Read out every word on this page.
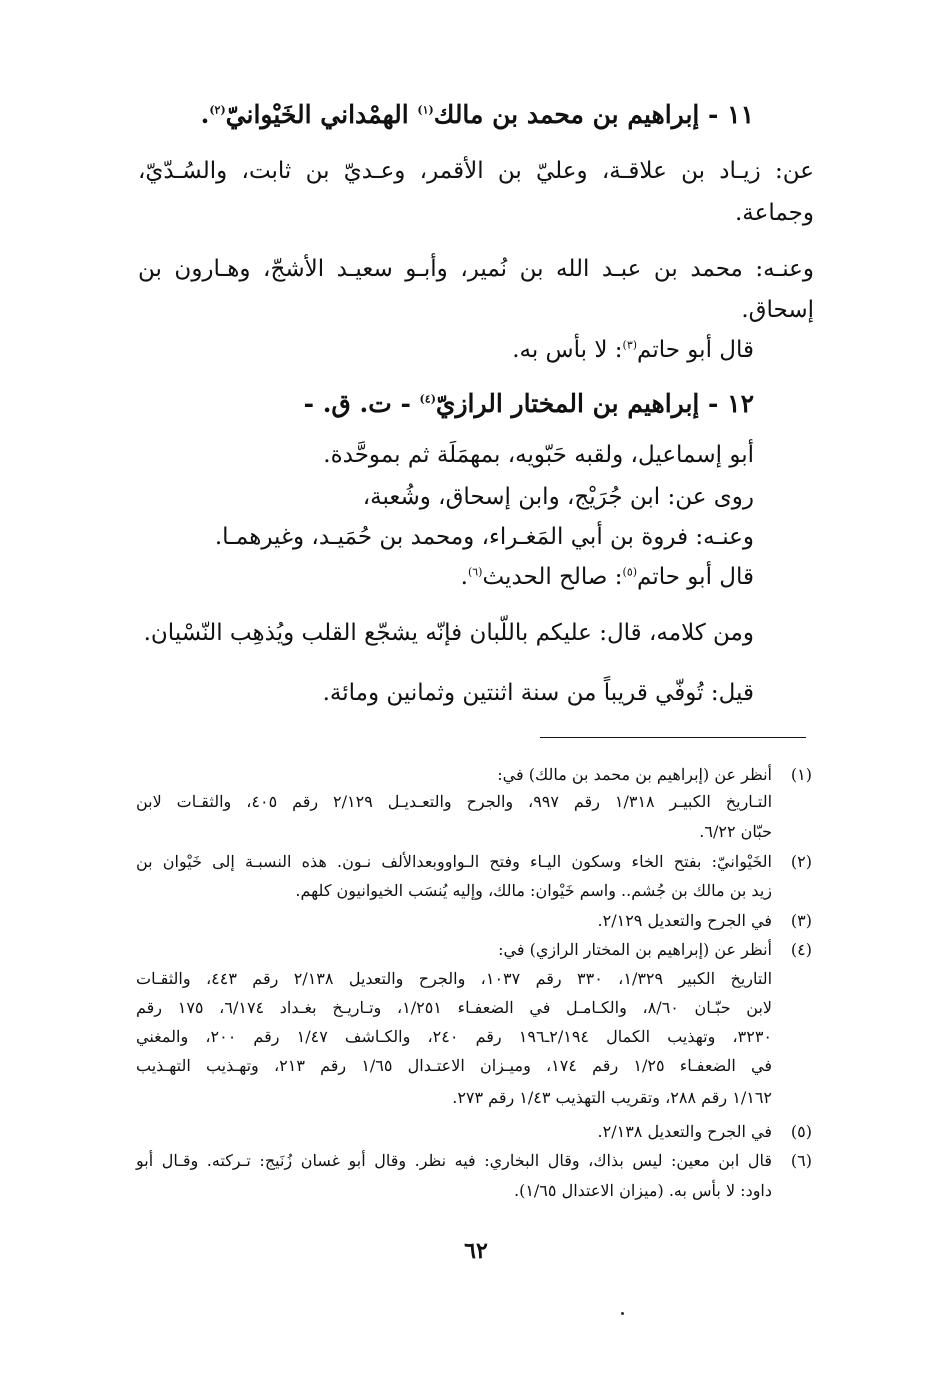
١١ - إبراهيم بن محمد بن مالك$^{(١)}$ الهمْداني الخَيْوانيّ$^{(٢)}$.
عن: زيـاد بن علاقـة، وعليّ بن الأقمر، وعـديّ بن ثابت، والسُـدّيّ،
وجماعة.
وعنـه: محمد بن عبـد الله بن نُمير، وأبـو سعيـد الأشجّ، وهـارون بن
إسحاق.
قال أبو حاتم$^{(٣)}$: لا بأس به.
١٢ - إبراهيم بن المختار الرازيّ$^{(٤)}$ - ت. ق. -
أبو إسماعيل، ولقبه حَبّويه، بمهمَلَة ثم بموحَّدة.
روى عن: ابن جُرَيْج، وابن إسحاق، وشُعبة،
وعنـه: فروة بن أبي المَغـراء، ومحمد بن حُمَيـد، وغيرهمـا.
قال أبو حاتم$^{(٥)}$: صالح الحديث$^{(٦)}$.
ومن كلامه، قال: عليكم باللّبان فإنّه يشجّع القلب ويُذهِب النّسْيان.
قيل: تُوفّي قريباً من سنة اثنتين وثمانين ومائة.
(١)
أنظر عن (إبراهيم بن محمد بن مالك) في:
التـاريخ الكبيـر ١/٣١٨ رقم ٩٩٧، والجرح والتعـديـل ٢/١٢٩ رقم ٤٠٥، والثقـات لابن
حبّان ٦/٢٢.
(٢)
الخَيْوانيّ: بفتح الخاء وسكون اليـاء وفتح الـواووبعدالألف نـون. هذه النسبـة إلى خَيْوان بن
زيد بن مالك بن جُشم.. واسم خَيْوان: مالك، وإليه يُنسَب الخيوانيون كلهم.
(٣)
في الجرح والتعديل ٢/١٢٩.
(٤)
أنظر عن (إبراهيم بن المختار الرازي) في:
التاريخ الكبير ١/٣٢٩، ٣٣٠ رقم ١٠٣٧، والجرح والتعديل ٢/١٣٨ رقم ٤٤٣، والثقـات
لابن حبّـان ٨/٦٠، والكـامـل في الضعفـاء ١/٢٥١، وتـاريـخ بغـداد ٦/١٧٤، ١٧٥ رقم
٣٢٣٠، وتهذيب الكمال ٢/١٩٤ـ١٩٦ رقم ٢٤٠، والكـاشف ١/٤٧ رقم ٢٠٠، والمغني
في الضعفـاء ١/٢٥ رقم ١٧٤، وميـزان الاعتـدال ١/٦٥ رقم ٢١٣، وتهـذيب التهـذيب
١/١٦٢ رقم ٢٨٨، وتقريب التهذيب ١/٤٣ رقم ٢٧٣.
(٥)
في الجرح والتعديل ٢/١٣٨.
(٦)
قال ابن معين: ليس بذاك، وقال البخاري: فيه نظر. وقال أبو غسان زُنَيج: تـركته. وقـال أبو
داود: لا بأس به. (ميزان الاعتدال ١/٦٥).
٦٢
